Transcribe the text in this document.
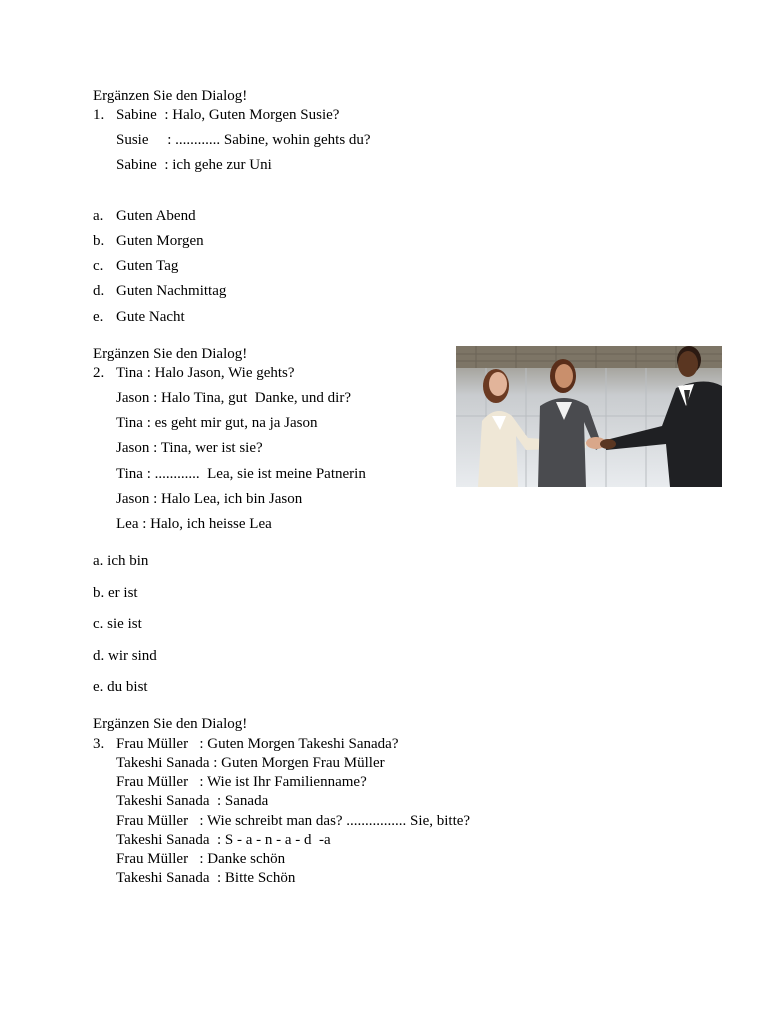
Ergänzen Sie den Dialog!
1. Sabine  : Halo, Guten Morgen Susie?
Susie     : ............ Sabine, wohin gehts du?
Sabine  : ich gehe zur Uni
a. Guten Abend
b. Guten Morgen
c. Guten Tag
d. Guten Nachmittag
e. Gute Nacht
Ergänzen Sie den Dialog!
2. Tina : Halo Jason, Wie gehts?
Jason : Halo Tina, gut  Danke, und dir?
Tina : es geht mir gut, na ja Jason
Jason : Tina, wer ist sie?
Tina : ............  Lea, sie ist meine Patnerin
Jason : Halo Lea, ich bin Jason
Lea : Halo, ich heisse Lea
a. ich bin
b. er ist
c. sie ist
d. wir sind
e. du bist
Ergänzen Sie den Dialog!
3. Frau Müller   : Guten Morgen Takeshi Sanada?
Takeshi Sanada : Guten Morgen Frau Müller
Frau Müller   : Wie ist Ihr Familienname?
Takeshi Sanada  : Sanada
Frau Müller   : Wie schreibt man das? ................ Sie, bitte?
Takeshi Sanada  : S - a - n - a - d  -a
Frau Müller   : Danke schön
Takeshi Sanada  : Bitte Schön
